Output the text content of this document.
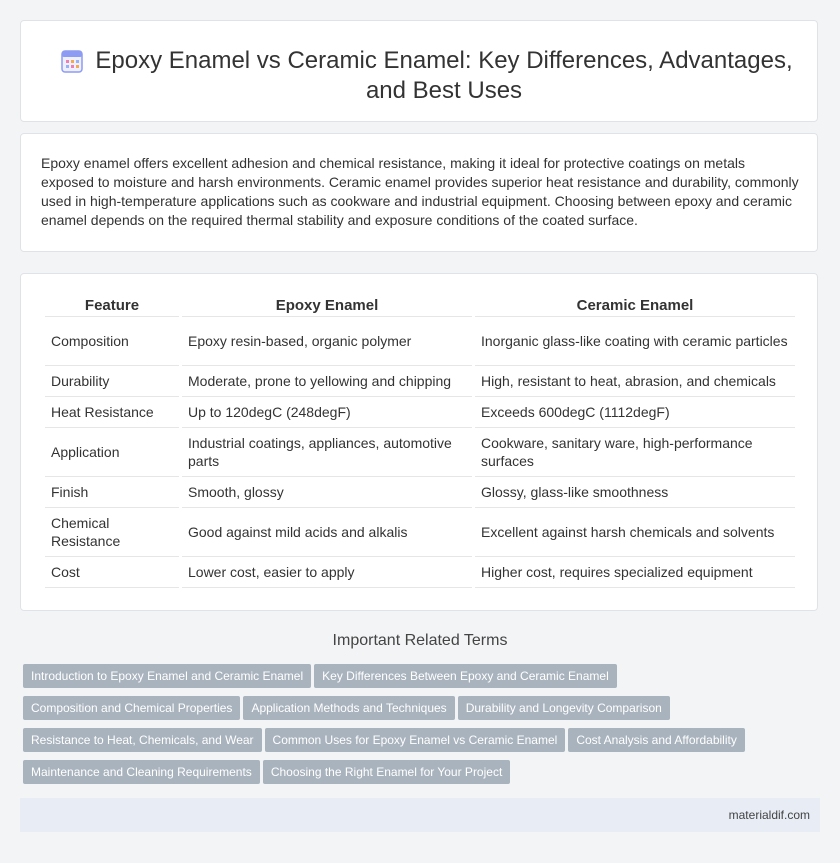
Epoxy Enamel vs Ceramic Enamel: Key Differences, Advantages, and Best Uses

Epoxy enamel offers excellent adhesion and chemical resistance, making it ideal for protective coatings on metals exposed to moisture and harsh environments. Ceramic enamel provides superior heat resistance and durability, commonly used in high-temperature applications such as cookware and industrial equipment. Choosing between epoxy and ceramic enamel depends on the required thermal stability and exposure conditions of the coated surface.

Feature	Epoxy Enamel	Ceramic Enamel
Composition	Epoxy resin-based, organic polymer	Inorganic glass-like coating with ceramic particles
Durability	Moderate, prone to yellowing and chipping	High, resistant to heat, abrasion, and chemicals
Heat Resistance	Up to 120degC (248degF)	Exceeds 600degC (1112degF)
Application	Industrial coatings, appliances, automotive parts	Cookware, sanitary ware, high-performance surfaces
Finish	Smooth, glossy	Glossy, glass-like smoothness
Chemical Resistance	Good against mild acids and alkalis	Excellent against harsh chemicals and solvents
Cost	Lower cost, easier to apply	Higher cost, requires specialized equipment
Important Related Terms
Introduction to Epoxy Enamel and Ceramic Enamel Key Differences Between Epoxy and Ceramic Enamel
Composition and Chemical Properties Application Methods and Techniques Durability and Longevity Comparison
Resistance to Heat, Chemicals, and Wear Common Uses for Epoxy Enamel vs Ceramic Enamel Cost Analysis and Affordability
Maintenance and Cleaning Requirements Choosing the Right Enamel for Your Project
materialdif.com
